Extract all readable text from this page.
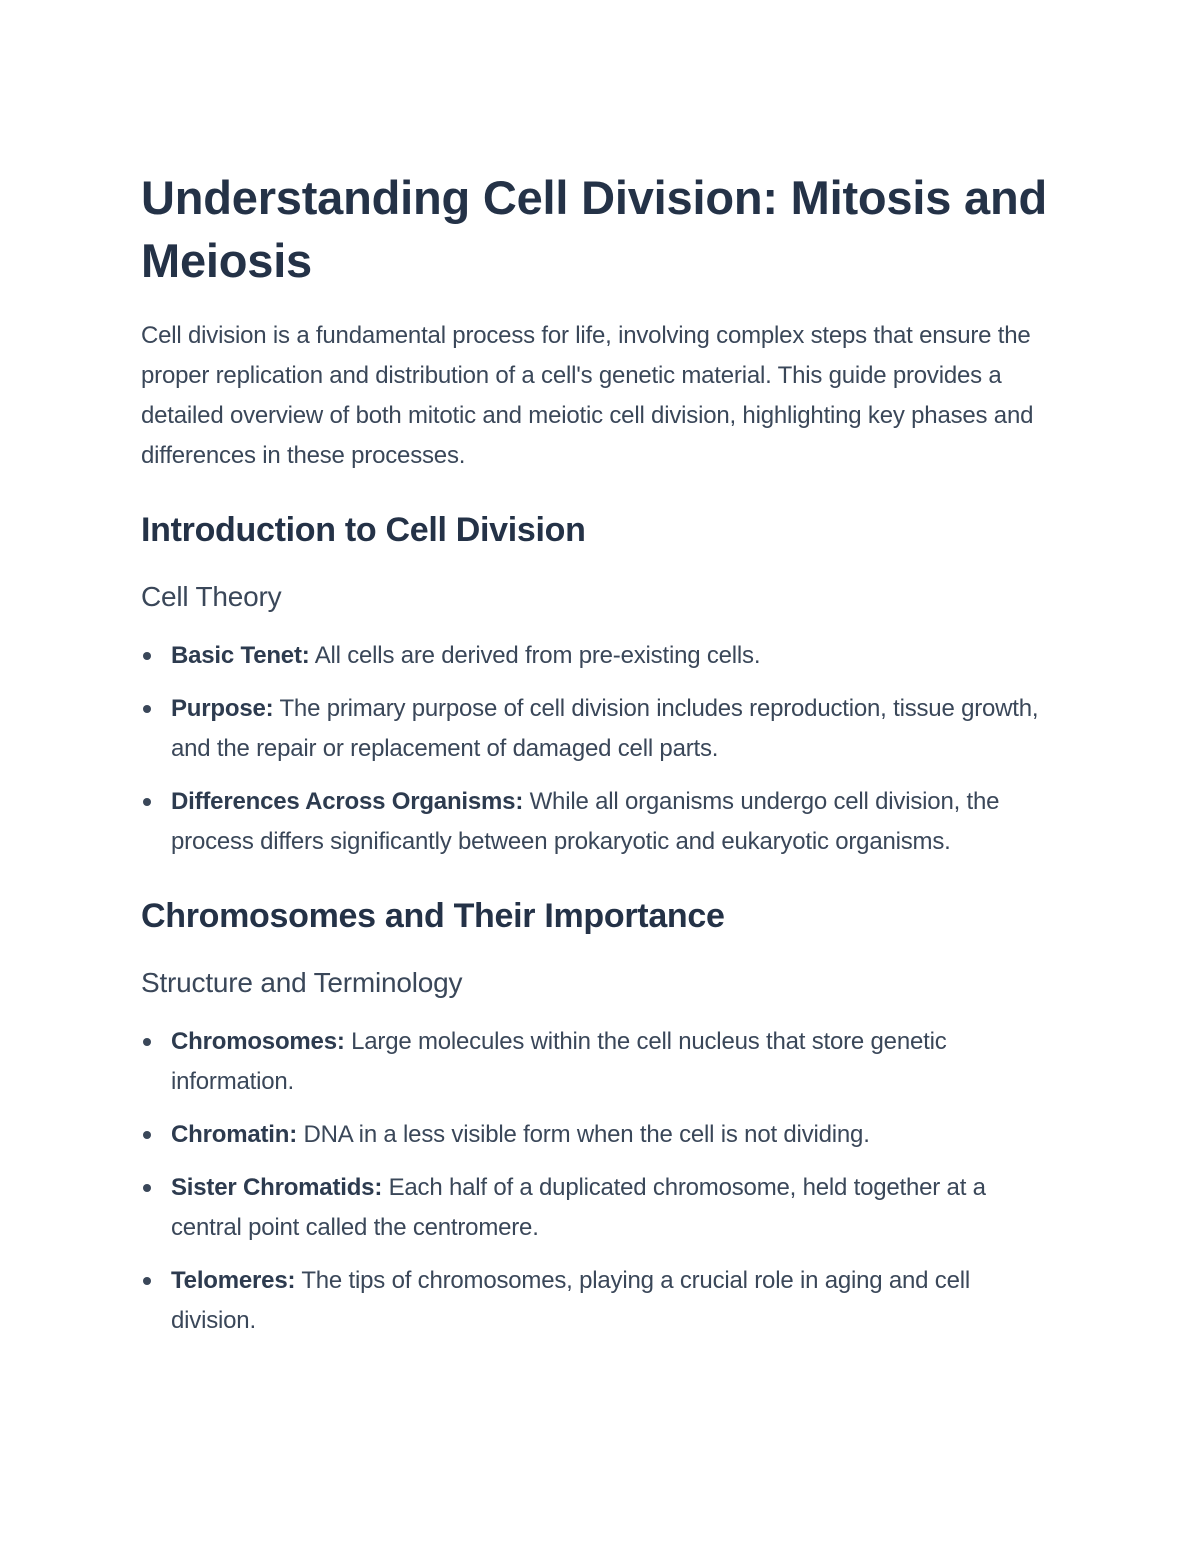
Understanding Cell Division: Mitosis and Meiosis

Cell division is a fundamental process for life, involving complex steps that ensure the proper replication and distribution of a cell's genetic material. This guide provides a detailed overview of both mitotic and meiotic cell division, highlighting key phases and differences in these processes.

Introduction to Cell Division
Cell Theory
Basic Tenet: All cells are derived from pre-existing cells.
Purpose: The primary purpose of cell division includes reproduction, tissue growth, and the repair or replacement of damaged cell parts.
Differences Across Organisms: While all organisms undergo cell division, the process differs significantly between prokaryotic and eukaryotic organisms.
Chromosomes and Their Importance
Structure and Terminology
Chromosomes: Large molecules within the cell nucleus that store genetic information.
Chromatin: DNA in a less visible form when the cell is not dividing.
Sister Chromatids: Each half of a duplicated chromosome, held together at a central point called the centromere.
Telomeres: The tips of chromosomes, playing a crucial role in aging and cell division.
